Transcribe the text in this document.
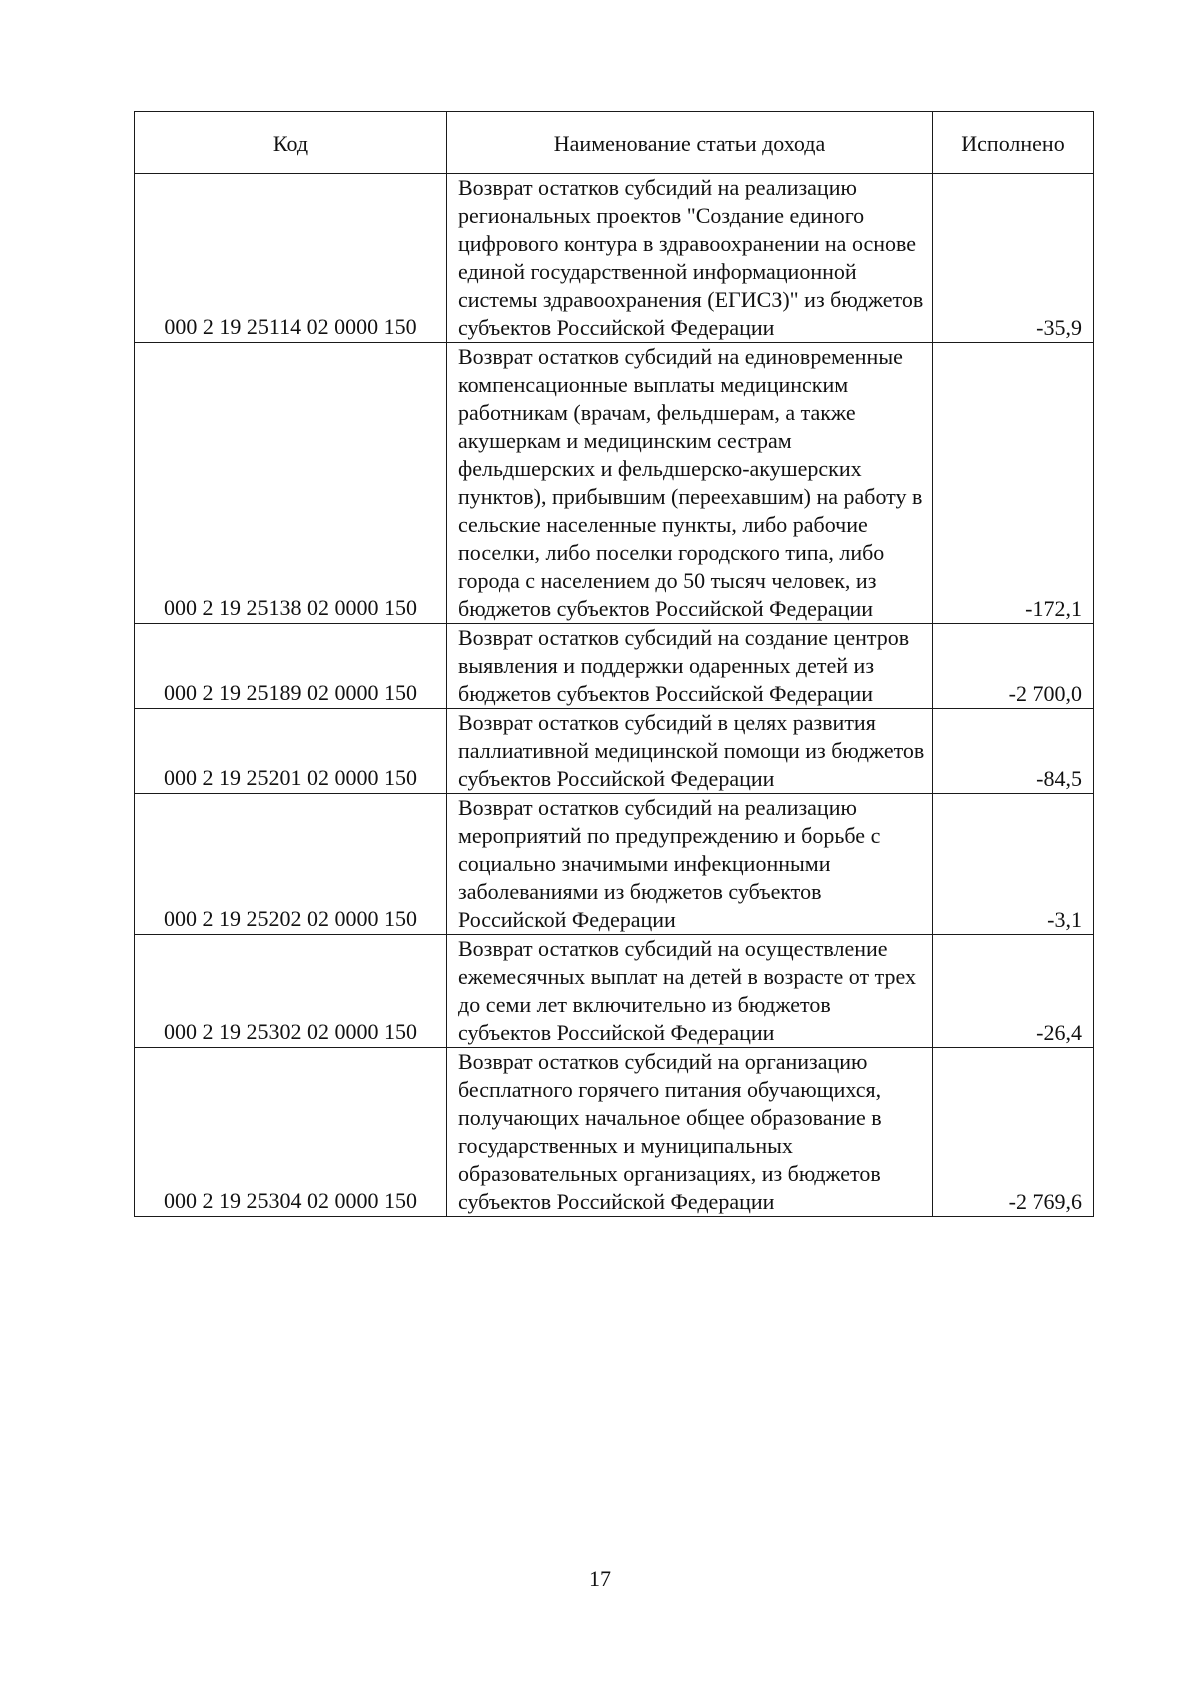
Код	Наименование статьи дохода	Исполнено
000 2 19 25114 02 0000 150	Возврат остатков субсидий на реализацию региональных проектов "Создание единого цифрового контура в здравоохранении на основе единой государственной информационной системы здравоохранения (ЕГИСЗ)" из бюджетов субъектов Российской Федерации	-35,9
000 2 19 25138 02 0000 150	Возврат остатков субсидий на единовременные компенсационные выплаты медицинским работникам (врачам, фельдшерам, а также акушеркам и медицинским сестрам фельдшерских и фельдшерско-акушерских пунктов), прибывшим (переехавшим) на работу в сельские населенные пункты, либо рабочие поселки, либо поселки городского типа, либо города с населением до 50 тысяч человек, из бюджетов субъектов Российской Федерации	-172,1
000 2 19 25189 02 0000 150	Возврат остатков субсидий на создание центров выявления и поддержки одаренных детей из бюджетов субъектов Российской Федерации	-2 700,0
000 2 19 25201 02 0000 150	Возврат остатков субсидий в целях развития паллиативной медицинской помощи из бюджетов субъектов Российской Федерации	-84,5
000 2 19 25202 02 0000 150	Возврат остатков субсидий на реализацию мероприятий по предупреждению и борьбе с социально значимыми инфекционными заболеваниями из бюджетов субъектов Российской Федерации	-3,1
000 2 19 25302 02 0000 150	Возврат остатков субсидий на осуществление ежемесячных выплат на детей в возрасте от трех до семи лет включительно из бюджетов субъектов Российской Федерации	-26,4
000 2 19 25304 02 0000 150	Возврат остатков субсидий на организацию бесплатного горячего питания обучающихся, получающих начальное общее образование в государственных и муниципальных образовательных организациях, из бюджетов субъектов Российской Федерации	-2 769,6
17
